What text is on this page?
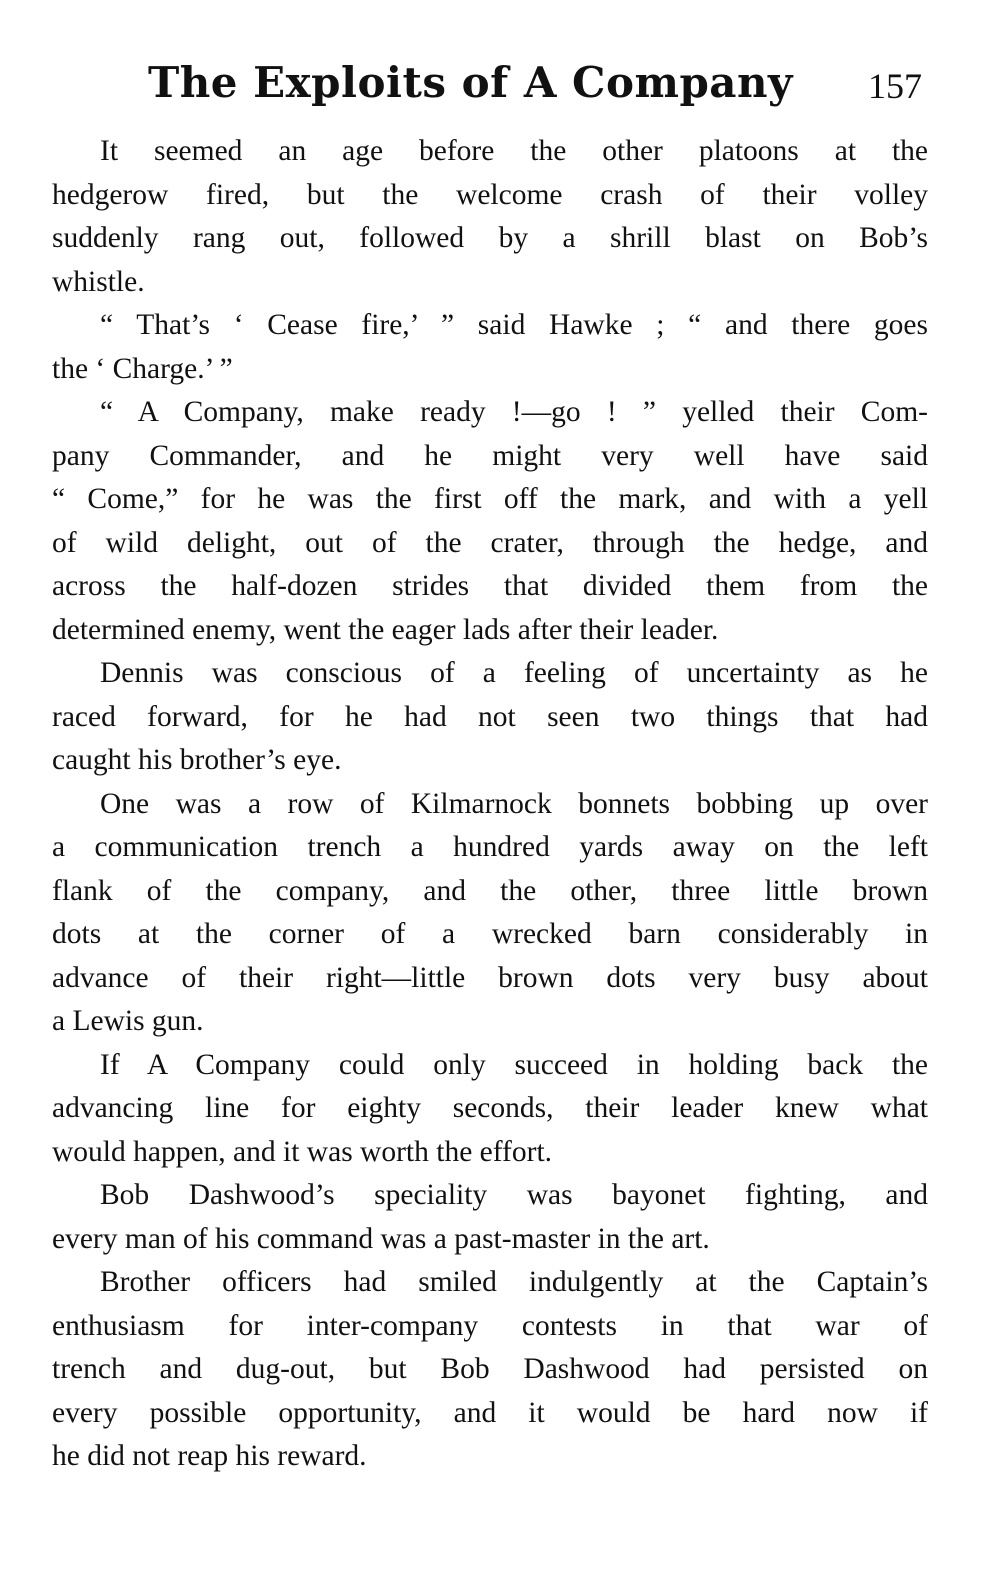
The Exploits of A Company 157
It seemed an age before the other platoons at the
hedgerow fired, but the welcome crash of their volley
suddenly rang out, followed by a shrill blast on Bob’s
whistle.
“ That’s ‘ Cease fire,’ ” said Hawke ; “ and there goes
the ‘ Charge.’ ”
“ A Company, make ready !—go ! ” yelled their Com-
pany Commander, and he might very well have said
“ Come,” for he was the first off the mark, and with a yell
of wild delight, out of the crater, through the hedge, and
across the half-dozen strides that divided them from the
determined enemy, went the eager lads after their leader.
Dennis was conscious of a feeling of uncertainty as he
raced forward, for he had not seen two things that had
caught his brother’s eye.
One was a row of Kilmarnock bonnets bobbing up over
a communication trench a hundred yards away on the left
flank of the company, and the other, three little brown
dots at the corner of a wrecked barn considerably in
advance of their right—little brown dots very busy about
a Lewis gun.
If A Company could only succeed in holding back the
advancing line for eighty seconds, their leader knew what
would happen, and it was worth the effort.
Bob Dashwood’s speciality was bayonet fighting, and
every man of his command was a past-master in the art.
Brother officers had smiled indulgently at the Captain’s
enthusiasm for inter-company contests in that war of
trench and dug-out, but Bob Dashwood had persisted on
every possible opportunity, and it would be hard now if
he did not reap his reward.
